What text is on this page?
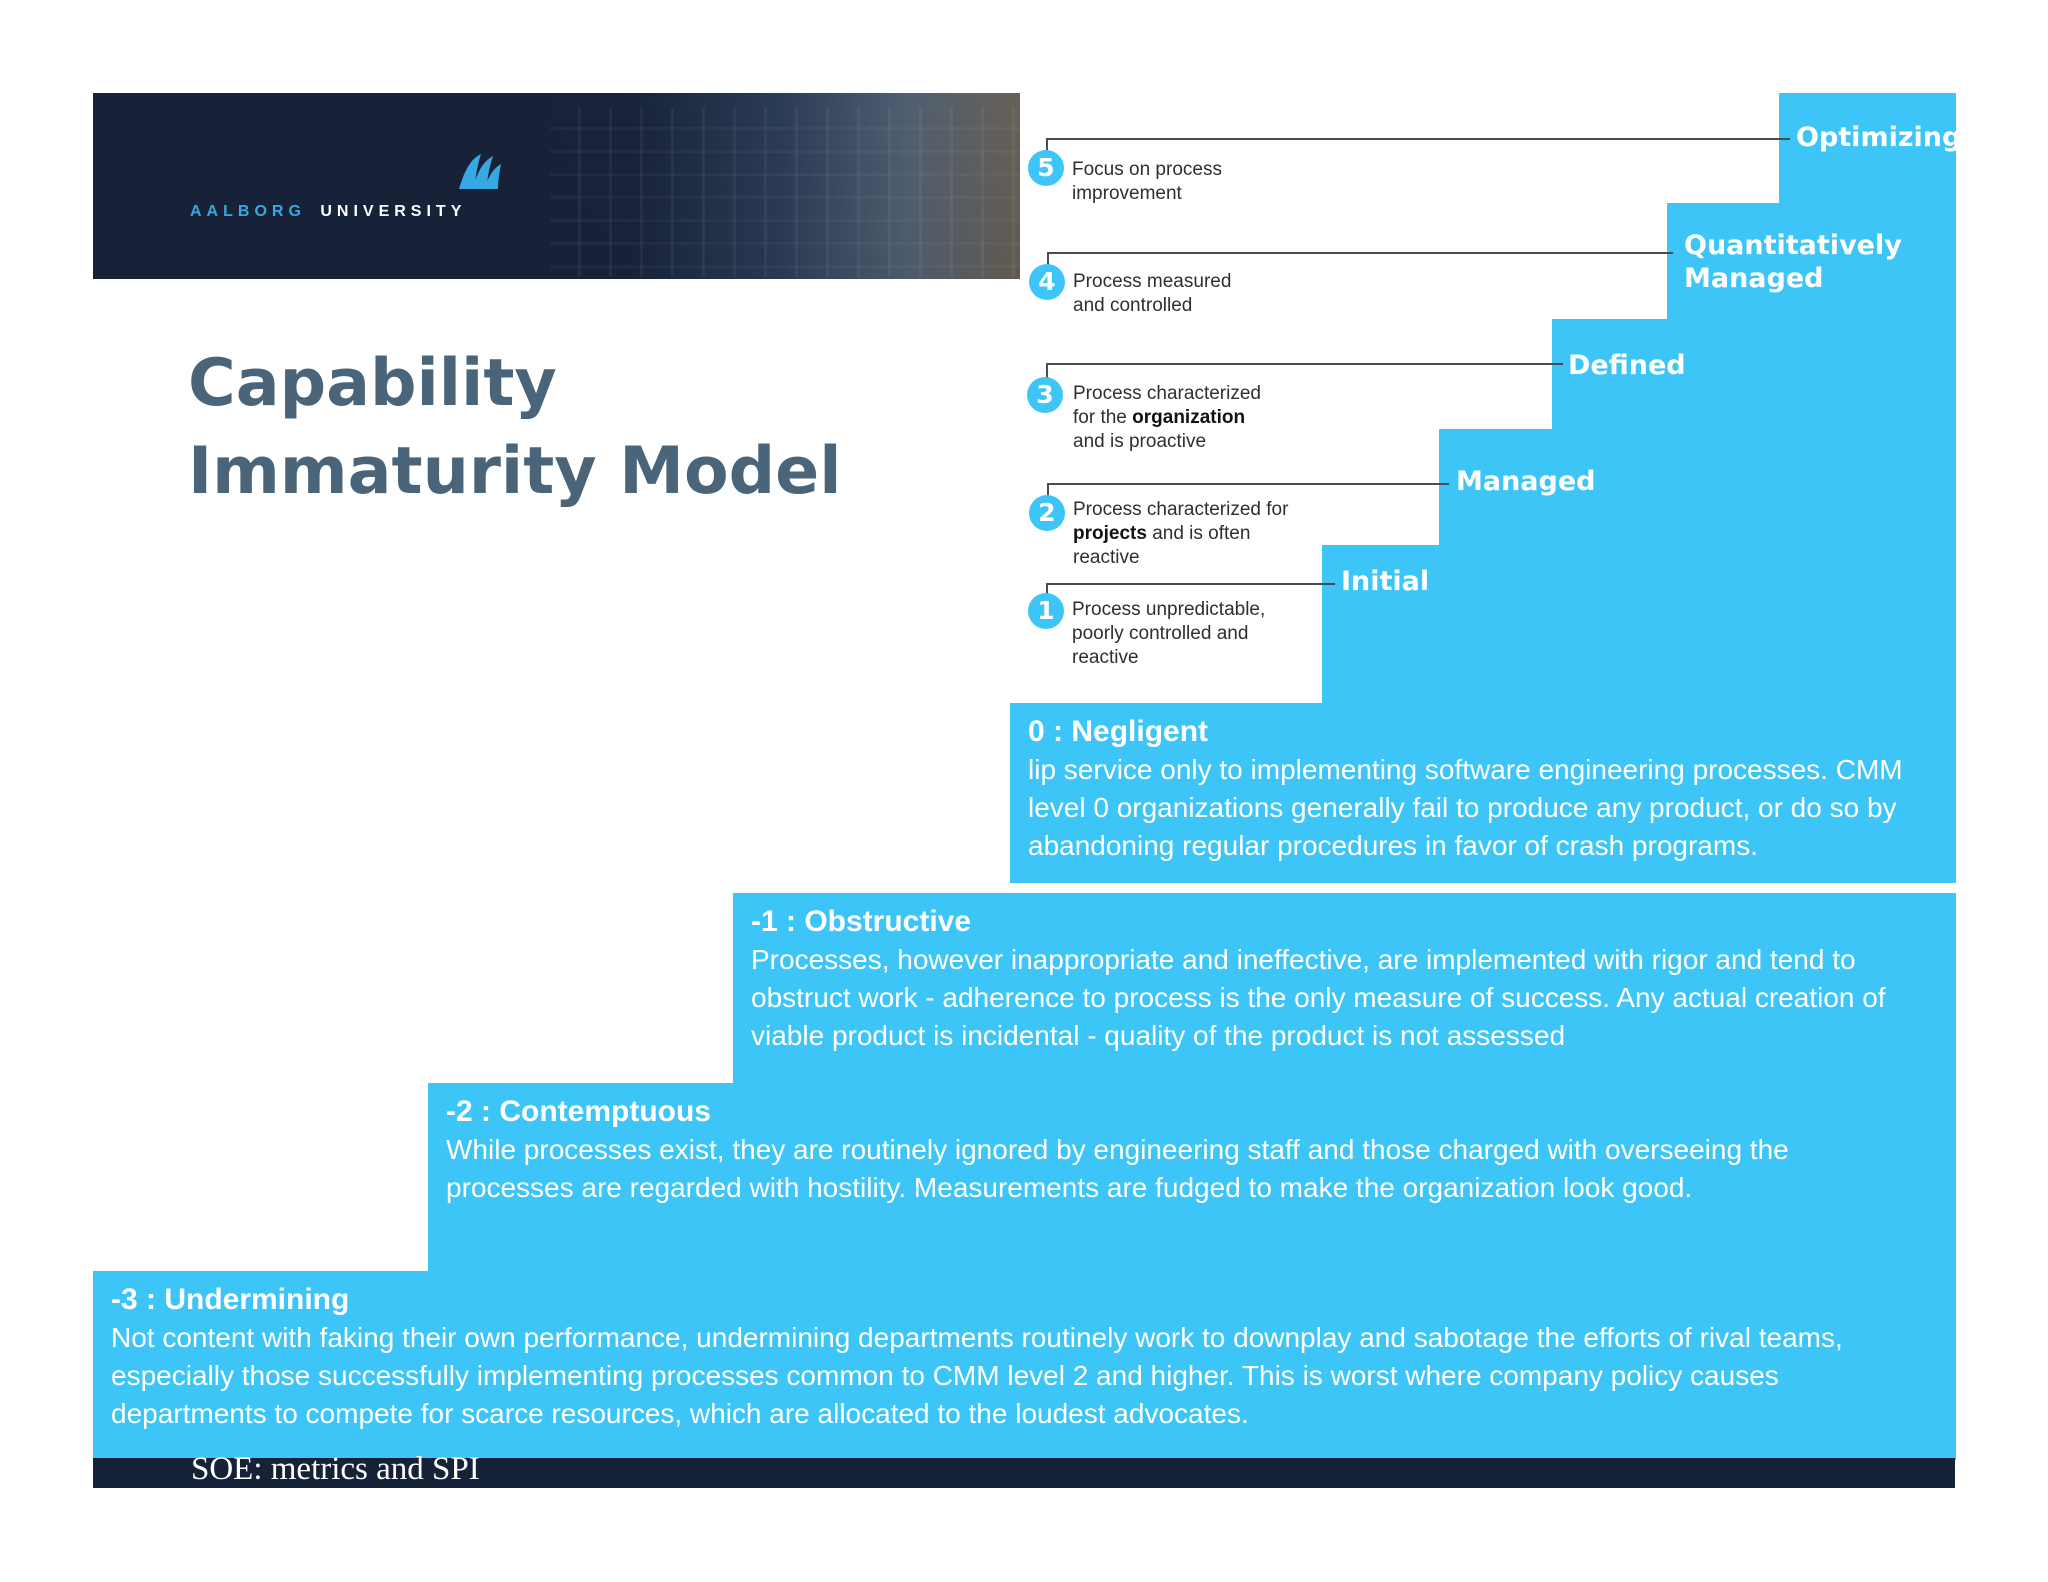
AALBORG UNIVERSITY
Capability
Immaturity Model
Optimizing
Quantitatively
Managed
Defined
Managed
Initial
5
4
3
2
1
Focus on process
improvement
Process measured
and controlled
Process characterized
for the organization
and is proactive
Process characterized for
projects and is often
reactive
Process unpredictable,
poorly controlled and
reactive
0 : Negligent
lip service only to implementing software engineering processes. CMM
level 0 organizations generally fail to produce any product, or do so by
abandoning regular procedures in favor of crash programs.
-1 : Obstructive
Processes, however inappropriate and ineffective, are implemented with rigor and tend to
obstruct work - adherence to process is the only measure of success. Any actual creation of
viable product is incidental - quality of the product is not assessed
-2 : Contemptuous
While processes exist, they are routinely ignored by engineering staff and those charged with overseeing the
processes are regarded with hostility. Measurements are fudged to make the organization look good.
-3 : Undermining
Not content with faking their own performance, undermining departments routinely work to downplay and sabotage the efforts of rival teams,
especially those successfully implementing processes common to CMM level 2 and higher. This is worst where company policy causes
departments to compete for scarce resources, which are allocated to the loudest advocates.
SOE: metrics and SPI
